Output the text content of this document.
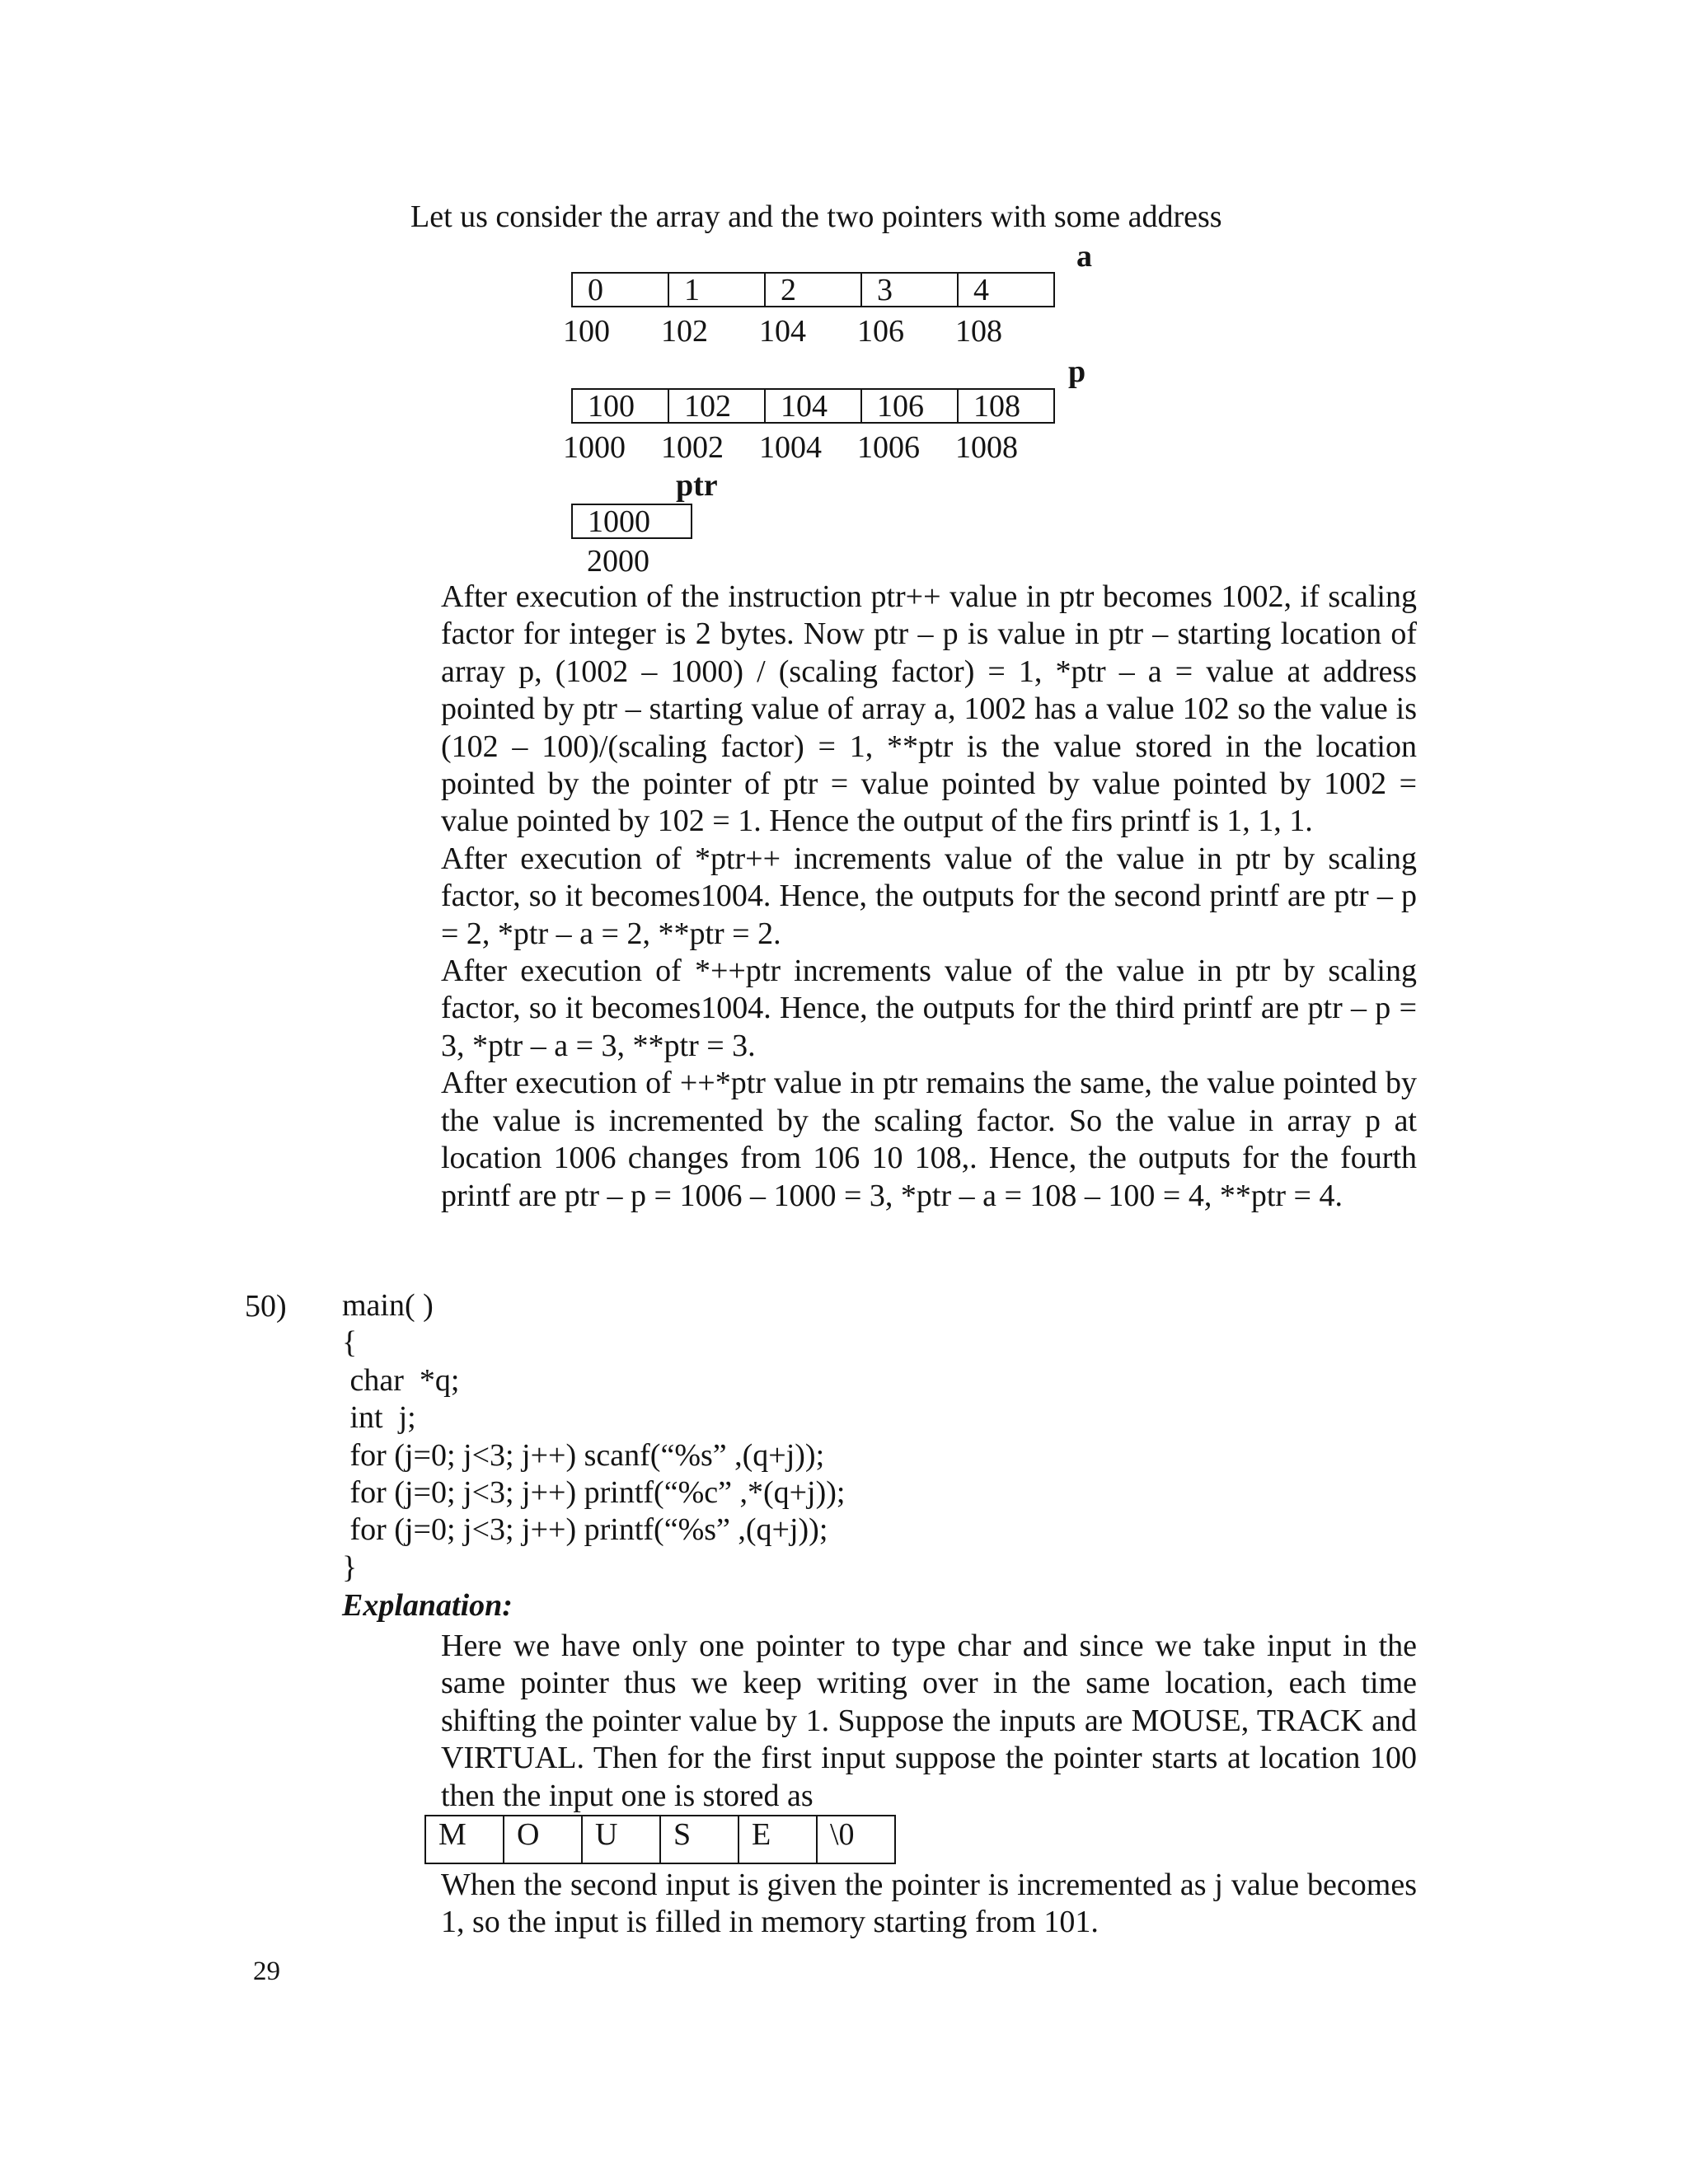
Let us consider the array and the two pointers with some address
a
0	1	2	3	4
100	102	104	106	108
p
100	102	104	106	108
1000	1002	1004	1006	1008
ptr
1000
2000

After execution of the instruction ptr++ value in ptr becomes 1002, if scaling factor for integer is 2 bytes. Now ptr – p is value in ptr – starting location of array p, (1002 – 1000) / (scaling factor) = 1, *ptr – a = value at address pointed by ptr – starting value of array a, 1002 has a value 102 so the value is (102 – 100)/(scaling factor) = 1, **ptr is the value stored in the location pointed by the pointer of ptr = value pointed by value pointed by 1002 = value pointed by 102 = 1. Hence the output of the firs printf is 1, 1, 1.

After execution of *ptr++ increments value of the value in ptr by scaling factor, so it becomes1004. Hence, the outputs for the second printf are ptr – p = 2, *ptr – a = 2, **ptr = 2.

After execution of *++ptr increments value of the value in ptr by scaling factor, so it becomes1004. Hence, the outputs for the third printf are ptr – p = 3, *ptr – a = 3, **ptr = 3.

After execution of ++*ptr value in ptr remains the same, the value pointed by the value is incremented by the scaling factor. So the value in array p at location 1006 changes from 106 10 108,. Hence, the outputs for the fourth printf are ptr – p = 1006 – 1000 = 3, *ptr – a = 108 – 100 = 4, **ptr = 4.

50) main( )
{
char  *q;
int  j;
for (j=0; j<3; j++) scanf(“%s” ,(q+j));
for (j=0; j<3; j++) printf(“%c” ,*(q+j));
for (j=0; j<3; j++) printf(“%s” ,(q+j));
}
Explanation:

Here we have only one pointer to type char and since we take input in the same pointer thus we keep writing over in the same location, each time shifting the pointer value by 1. Suppose the inputs are MOUSE, TRACK and VIRTUAL. Then for the first input suppose the pointer starts at location 100 then the input one is stored as

M	O	U	S	E	\0

When the second input is given the pointer is incremented as j value becomes 1, so the input is filled in memory starting from 101.

29
